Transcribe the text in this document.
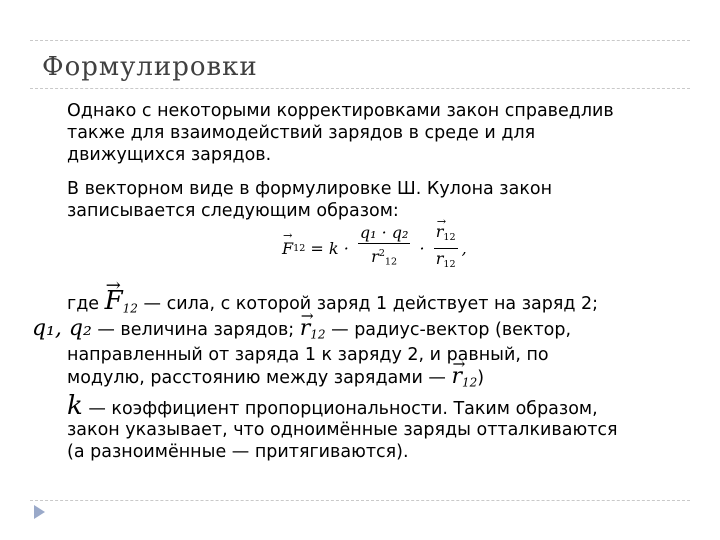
Формулировки
Однако с некоторыми корректировками закон справедлив
также для взаимодействий зарядов в среде и для
движущихся зарядов.
В векторном виде в формулировке Ш. Кулона закон
записывается следующим образом:
→ F $12 = k \cdot \frac{\text{q₁ · q₂}}{r^2_{12}}$ ·
→ $\frac{r_{12}}{r_{12}}$ ,
где → $F_{12}$ — сила, с которой заряд 1 действует на заряд 2;
q₁, q₂ — величина зарядов; → $r_{12}$ — радиус-вектор (вектор,
направленный от заряда 1 к заряду 2, и равный, по
модулю, расстоянию между зарядами — → $r_{12}$)
k — коэффициент пропорциональности. Таким образом,
закон указывает, что одноимённые заряды отталкиваются
(а разноимённые — притягиваются).
